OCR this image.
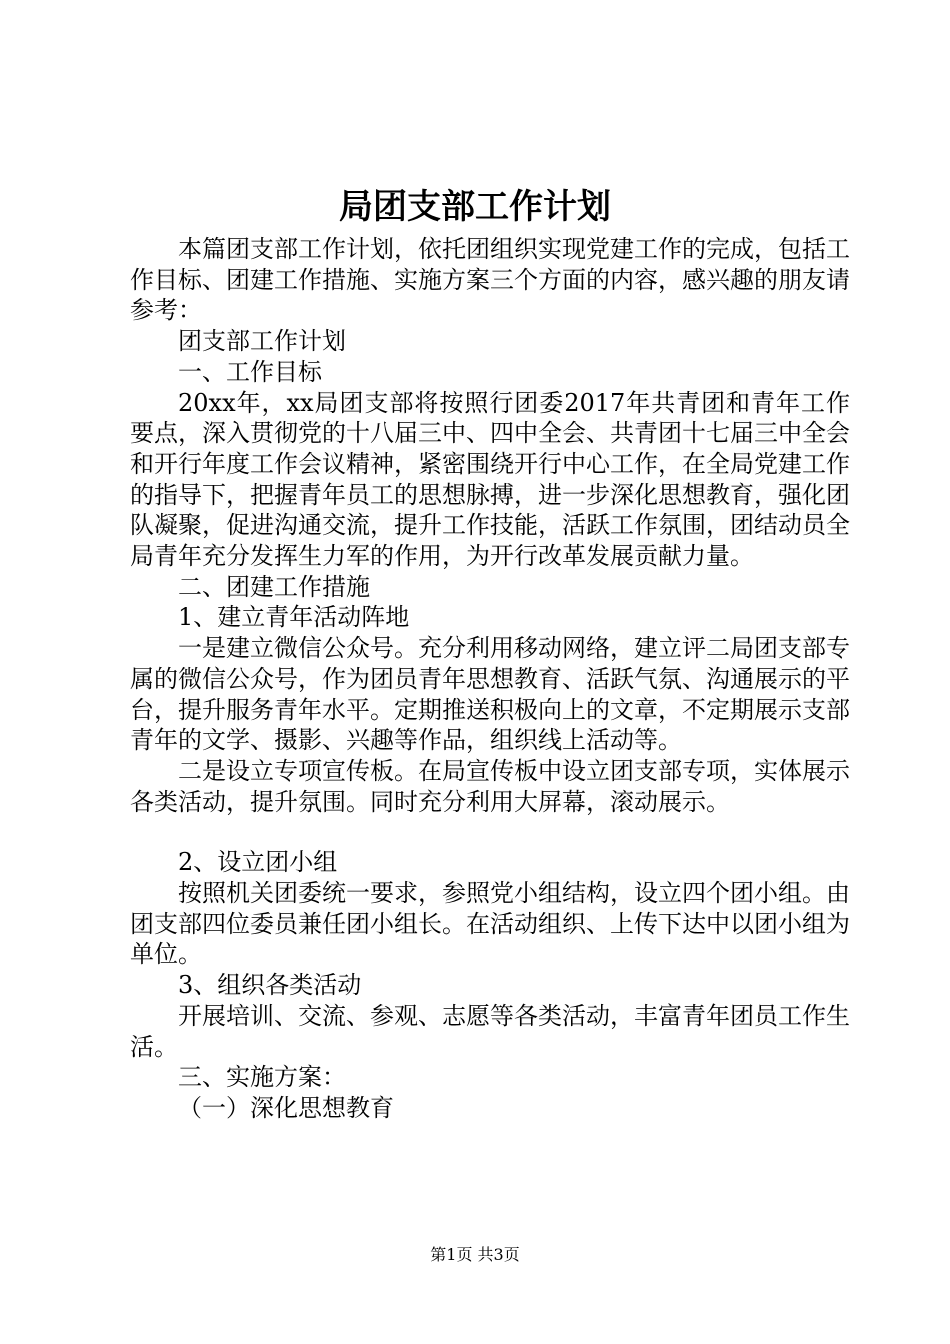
局团支部工作计划

本篇团支部工作计划，依托团组织实现党建工作的完成，包括工作目标、团建工作措施、实施方案三个方面的内容，感兴趣的朋友请参考：

团支部工作计划

一、工作目标

20xx年，xx局团支部将按照行团委2017年共青团和青年工作要点，深入贯彻党的十八届三中、四中全会、共青团十七届三中全会和开行年度工作会议精神，紧密围绕开行中心工作，在全局党建工作的指导下，把握青年员工的思想脉搏，进一步深化思想教育，强化团队凝聚，促进沟通交流，提升工作技能，活跃工作氛围，团结动员全局青年充分发挥生力军的作用，为开行改革发展贡献力量。

二、团建工作措施

1、建立青年活动阵地

一是建立微信公众号。充分利用移动网络，建立评二局团支部专属的微信公众号，作为团员青年思想教育、活跃气氛、沟通展示的平台，提升服务青年水平。定期推送积极向上的文章，不定期展示支部青年的文学、摄影、兴趣等作品，组织线上活动等。

二是设立专项宣传板。在局宣传板中设立团支部专项，实体展示各类活动，提升氛围。同时充分利用大屏幕，滚动展示。

2、设立团小组

按照机关团委统一要求，参照党小组结构，设立四个团小组。由团支部四位委员兼任团小组长。在活动组织、上传下达中以团小组为单位。

3、组织各类活动

开展培训、交流、参观、志愿等各类活动，丰富青年团员工作生活。

三、实施方案：

（一）深化思想教育

第1页 共3页
